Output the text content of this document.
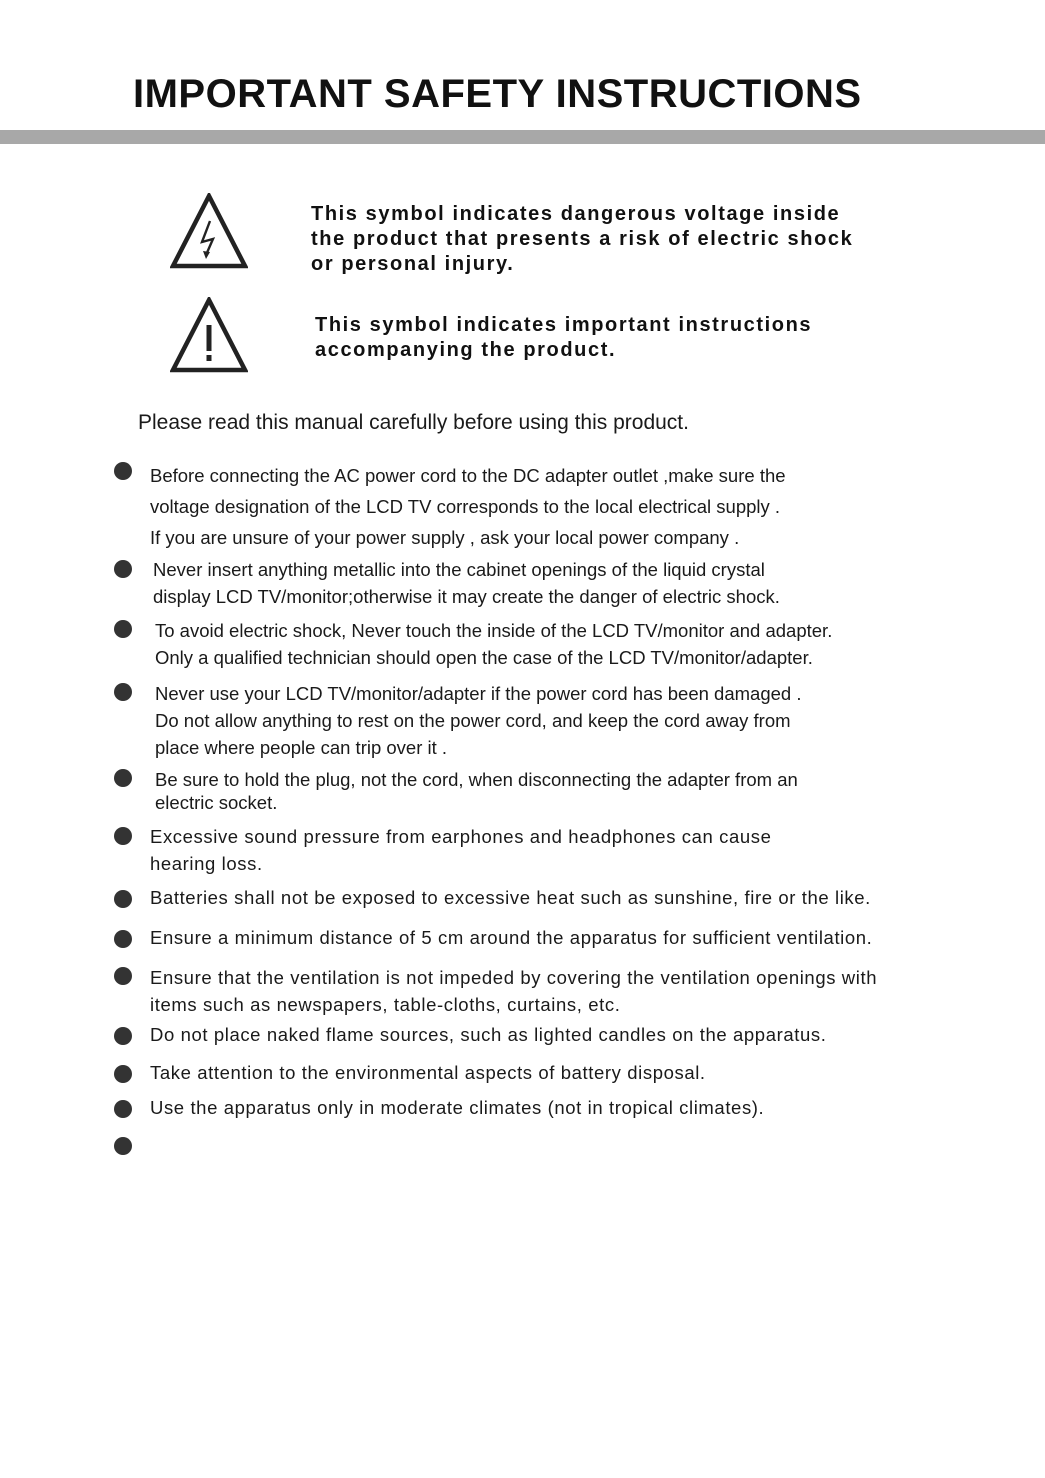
IMPORTANT SAFETY INSTRUCTIONS
This symbol indicates dangerous voltage inside
the product that presents a risk of electric shock
or personal injury.
This symbol indicates important instructions
accompanying the product.
Please read this manual carefully before using this product.
Before connecting the AC power cord to the DC adapter outlet ,make sure the
voltage designation of the LCD TV corresponds to the local electrical supply .
If you are unsure of your power supply , ask your local power company .
Never insert anything metallic into the cabinet openings of the liquid crystal
display LCD TV/monitor;otherwise it may create the danger of electric shock.
To avoid electric shock, Never touch the inside of the LCD TV/monitor and adapter.
Only a qualified technician should open the case of the LCD TV/monitor/adapter.
Never use your LCD TV/monitor/adapter if the power cord has been damaged .
Do not allow anything to rest on the power cord, and keep the cord away from
place where people can trip over it .
Be sure to hold the plug, not the cord, when disconnecting the adapter from an
electric socket.
Excessive sound pressure from earphones and headphones can cause
hearing loss.
Batteries shall not be exposed to excessive heat such as sunshine, fire or the like.
Ensure a minimum distance of 5 cm around the apparatus for sufficient ventilation.
Ensure that the ventilation is not impeded by covering the ventilation openings with
items such as newspapers, table-cloths, curtains, etc.
Do not place naked flame sources, such as lighted candles on the apparatus.
Take attention to the environmental aspects of battery disposal.
Use the apparatus only in moderate climates (not in tropical climates).
